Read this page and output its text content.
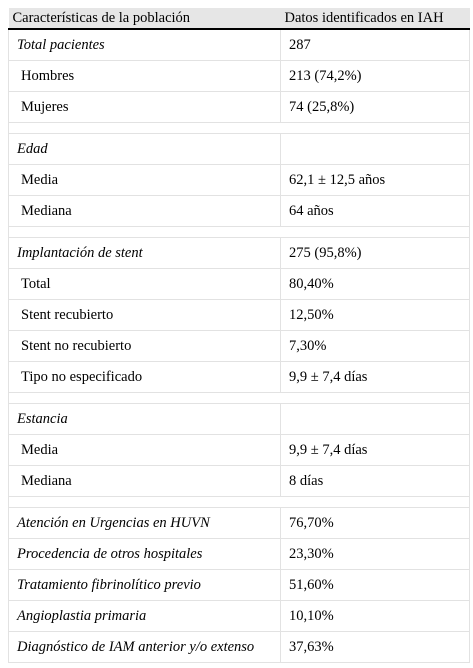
Características de la población	Datos identificados en IAH
Total pacientes	287
Hombres	213 (74,2%)
Mujeres	74 (25,8%)

Edad	
Media	62,1 ± 12,5 años
Mediana	64 años

Implantación de stent	275 (95,8%)
Total	80,40%
Stent recubierto	12,50%
Stent no recubierto	7,30%
Tipo no especificado	9,9 ± 7,4 días

Estancia	
Media	9,9 ± 7,4 días
Mediana	8 días

Atención en Urgencias en HUVN	76,70%
Procedencia de otros hospitales	23,30%
Tratamiento fibrinolítico previo	51,60%
Angioplastia primaria	10,10%
Diagnóstico de IAM anterior y/o extenso	37,63%
